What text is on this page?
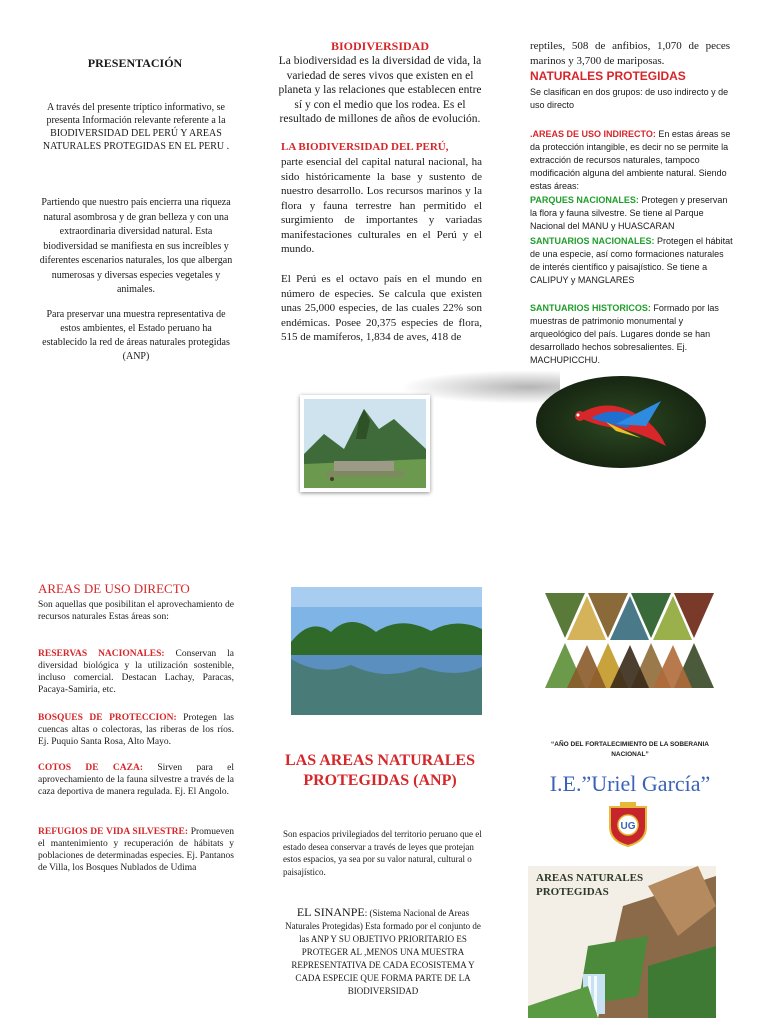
PRESENTACIÓN

A través del presente tríptico informativo, se presenta Información relevante referente a la BIODIVERSIDAD DEL PERÚ Y AREAS NATURALES PROTEGIDAS EN EL PERU .

Partiendo que nuestro país encierra una riqueza natural asombrosa y de gran belleza y con una extraordinaria diversidad natural. Esta biodiversidad se manifiesta en sus increíbles y diferentes escenarios naturales, los que albergan numerosas y diversas especies vegetales y animales.

Para preservar una muestra representativa de estos ambientes, el Estado peruano ha establecido la red de áreas naturales protegidas (ANP)

BIODIVERSIDAD

La biodiversidad es la diversidad de vida, la variedad de seres vivos que existen en el planeta y las relaciones que establecen entre sí y con el medio que los rodea. Es el resultado de millones de años de evolución.

LA BIODIVERSIDAD DEL PERÚ,

parte esencial del capital natural nacional, ha sido históricamente la base y sustento de nuestro desarrollo. Los recursos marinos y la flora y fauna terrestre han permitido el surgimiento de importantes y variadas manifestaciones culturales en el Perú y el mundo.

El Perú es el octavo país en el mundo en número de especies. Se calcula que existen unas 25,000 especies, de las cuales 22% son endémicas. Posee 20,375 especies de flora, 515 de mamíferos, 1,834 de aves, 418 de

reptiles, 508 de anfibios, 1,070 de peces marinos y 3,700 de mariposas.

NATURALES PROTEGIDAS

Se clasifican en dos grupos: de uso indirecto y de uso directo

.AREAS DE USO INDIRECTO: En estas áreas se da protección intangible, es decir no se permite la extracción de recursos naturales, tampoco modificación alguna del ambiente natural. Siendo estas áreas:

PARQUES NACIONALES: Protegen y preservan la flora y fauna silvestre. Se tiene al Parque Nacional del MANU y HUASCARAN

SANTUARIOS NACIONALES: Protegen el hábitat de una especie, así como formaciones naturales de interés científico y paisajístico. Se tiene a CALIPUY y MANGLARES

SANTUARIOS HISTORICOS: Formado por las muestras de patrimonio monumental y arqueológico del país. Lugares donde se han desarrollado hechos sobresalientes. Ej. MACHUPICCHU.

AREAS DE USO DIRECTO

Son aquellas que posibilitan el aprovechamiento de recursos naturales Estas áreas son:

RESERVAS NACIONALES: Conservan la diversidad biológica y la utilización sostenible, incluso comercial. Destacan Lachay, Paracas, Pacaya-Samiria, etc.

BOSQUES DE PROTECCION: Protegen las cuencas altas o colectoras, las riberas de los ríos. Ej. Puquio Santa Rosa, Alto Mayo.

COTOS DE CAZA: Sirven para el aprovechamiento de la fauna silvestre a través de la caza deportiva de manera regulada. Ej. El Angolo.

REFUGIOS DE VIDA SILVESTRE: Promueven el mantenimiento y recuperación de hábitats y poblaciones de determinadas especies. Ej. Pantanos de Villa, los Bosques Nublados de Udima

LAS AREAS NATURALES PROTEGIDAS (ANP)

Son espacios privilegiados del territorio peruano que el estado desea conservar a través de leyes que protejan estos espacios, ya sea por su valor natural, cultural o paisajístico.

EL SINANPE: (Sistema Nacional de Areas Naturales Protegidas) Esta formado por el conjunto de las ANP Y SU OBJETIVO PRIORITARIO ES PROTEGER AL ,MENOS UNA MUESTRA REPRESENTATIVA DE CADA ECOSISTEMA Y CADA ESPECIE QUE FORMA PARTE DE LA BIODIVERSIDAD

“AÑO DEL FORTALECIMIENTO DE LA SOBERANIA NACIONAL”
I.E.”Uriel García”
UG
AREAS NATURALES PROTEGIDAS
